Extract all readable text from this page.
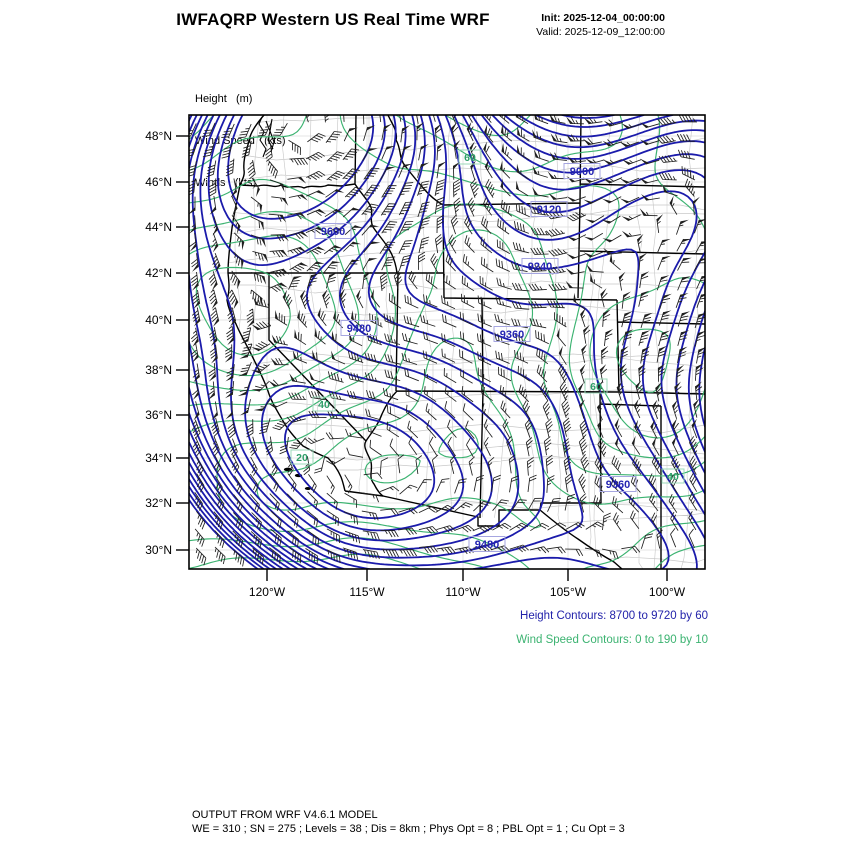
IWFAQRP Western US Real Time WRF	Init: 2025-12-04_00:00:00
Valid: 2025-12-09_12:00:00

Height   (m)

Wind Speed   (kts)

Winds   (kts)

9600
9480
9000
9120
9240
9360
9360
9480
60
40
20
60
40
48°N
46°N
44°N
42°N
40°N
38°N
36°N
34°N
32°N
30°N
120°W	115°W	110°W	105°W	100°W
Height Contours: 8700 to 9720 by 60
Wind Speed Contours: 0 to 190 by 10
OUTPUT FROM WRF V4.6.1 MODEL
WE = 310 ; SN = 275 ; Levels = 38 ; Dis = 8km ; Phys Opt = 8 ; PBL Opt = 1 ; Cu Opt = 3
